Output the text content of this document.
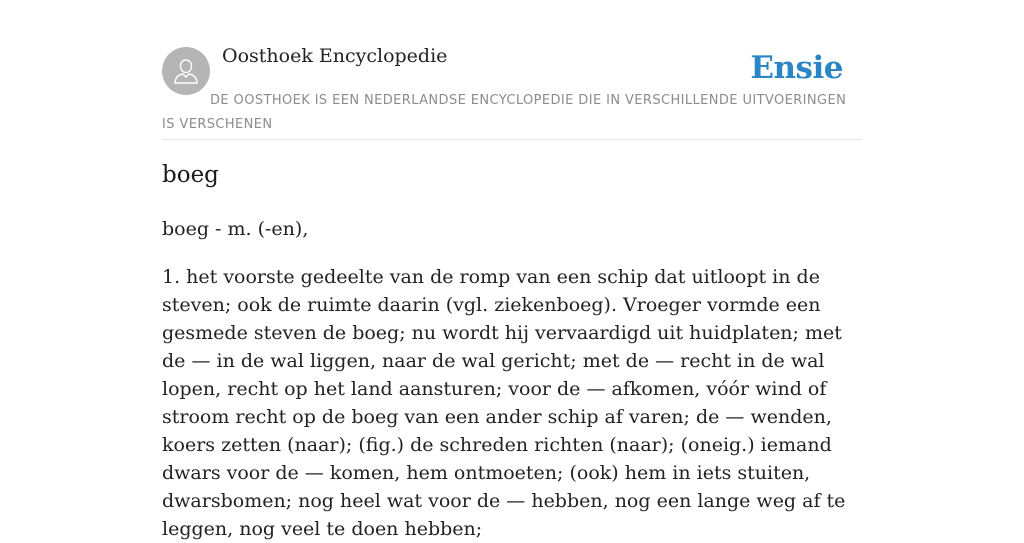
Oosthoek Encyclopedie	Ensie
DE OOSTHOEK IS EEN NEDERLANDSE ENCYCLOPEDIE DIE IN VERSCHILLENDE UITVOERINGEN IS VERSCHENEN
boeg

boeg - m. (-en),

1. het voorste gedeelte van de romp van een schip dat uitloopt in de steven; ook de ruimte daarin (vgl. ziekenboeg). Vroeger vormde een gesmede steven de boeg; nu wordt hij vervaardigd uit huidplaten; met de — in de wal liggen, naar de wal gericht; met de — recht in de wal lopen, recht op het land aansturen; voor de — afkomen, vóór wind of stroom recht op de boeg van een ander schip af varen; de — wenden, koers zetten (naar); (fig.) de schreden richten (naar); (oneig.) iemand dwars voor de — komen, hem ontmoeten; (ook) hem in iets stuiten, dwarsbomen; nog heel wat voor de — hebben, nog een lange weg af te leggen, nog veel te doen hebben;
